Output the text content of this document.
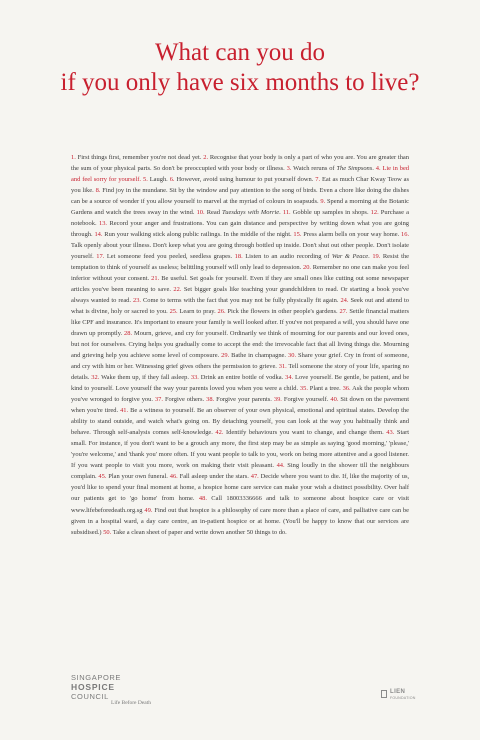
What can you do
if you only have six months to live?

1. First things first, remember you're not dead yet. 2. Recognise that your body is only a part of who you are. You are greater than the sum of your physical parts. So don't be preoccupied with your body or illness. 3. Watch reruns of The Simpsons. 4. Lie in bed and feel sorry for yourself. 5. Laugh. 6. However, avoid using humour to put yourself down. 7. Eat as much Char Kway Teow as you like. 8. Find joy in the mundane. Sit by the window and pay attention to the song of birds. Even a chore like doing the dishes can be a source of wonder if you allow yourself to marvel at the myriad of colours in soapsuds. 9. Spend a morning at the Botanic Gardens and watch the trees sway in the wind. 10. Read Tuesdays with Morrie. 11. Gobble up samples in shops. 12. Purchase a notebook. 13. Record your anger and frustrations. You can gain distance and perspective by writing down what you are going through. 14. Run your walking stick along public railings. In the middle of the night. 15. Press alarm bells on your way home. 16. Talk openly about your illness. Don't keep what you are going through bottled up inside. Don't shut out other people. Don't isolate yourself. 17. Let someone feed you peeled, seedless grapes. 18. Listen to an audio recording of War & Peace. 19. Resist the temptation to think of yourself as useless; belittling yourself will only lead to depression. 20. Remember no one can make you feel inferior without your consent. 21. Be useful. Set goals for yourself. Even if they are small ones like cutting out some newspaper articles you've been meaning to save. 22. Set bigger goals like teaching your grandchildren to read. Or starting a book you've always wanted to read. 23. Come to terms with the fact that you may not be fully physically fit again. 24. Seek out and attend to what is divine, holy or sacred to you. 25. Learn to pray. 26. Pick the flowers in other people's gardens. 27. Settle financial matters like CPF and insurance. It's important to ensure your family is well looked after. If you've not prepared a will, you should have one drawn up promptly. 28. Mourn, grieve, and cry for yourself. Ordinarily we think of mourning for our parents and our loved ones, but not for ourselves. Crying helps you gradually come to accept the end: the irrevocable fact that all living things die. Mourning and grieving help you achieve some level of composure. 29. Bathe in champagne. 30. Share your grief. Cry in front of someone, and cry with him or her. Witnessing grief gives others the permission to grieve. 31. Tell someone the story of your life, sparing no details. 32. Wake them up, if they fall asleep. 33. Drink an entire bottle of vodka. 34. Love yourself. Be gentle, be patient, and be kind to yourself. Love yourself the way your parents loved you when you were a child. 35. Plant a tree. 36. Ask the people whom you've wronged to forgive you. 37. Forgive others. 38. Forgive your parents. 39. Forgive yourself. 40. Sit down on the pavement when you're tired. 41. Be a witness to yourself. Be an observer of your own physical, emotional and spiritual states. Develop the ability to stand outside, and watch what's going on. By detaching yourself, you can look at the way you habitually think and behave. Through self-analysis comes self-knowledge. 42. Identify behaviours you want to change, and change them. 43. Start small. For instance, if you don't want to be a grouch any more, the first step may be as simple as saying 'good morning,' 'please,' 'you're welcome,' and 'thank you' more often. If you want people to talk to you, work on being more attentive and a good listener. If you want people to visit you more, work on making their visit pleasant. 44. Sing loudly in the shower till the neighbours complain. 45. Plan your own funeral. 46. Fall asleep under the stars. 47. Decide where you want to die. If, like the majority of us, you'd like to spend your final moment at home, a hospice home care service can make your wish a distinct possibility. Over half our patients get to 'go home' from home. 48. Call 18003336666 and talk to someone about hospice care or visit www.lifebeforedeath.org.sg 49. Find out that hospice is a philosophy of care more than a place of care, and palliative care can be given in a hospital ward, a day care centre, an in-patient hospice or at home. (You'll be happy to know that our services are subsidised.) 50. Take a clean sheet of paper and write down another 50 things to do.

SINGAPORE
HOSPICE
COUNCIL
Life Before Death
LIEN
FOUNDATION
